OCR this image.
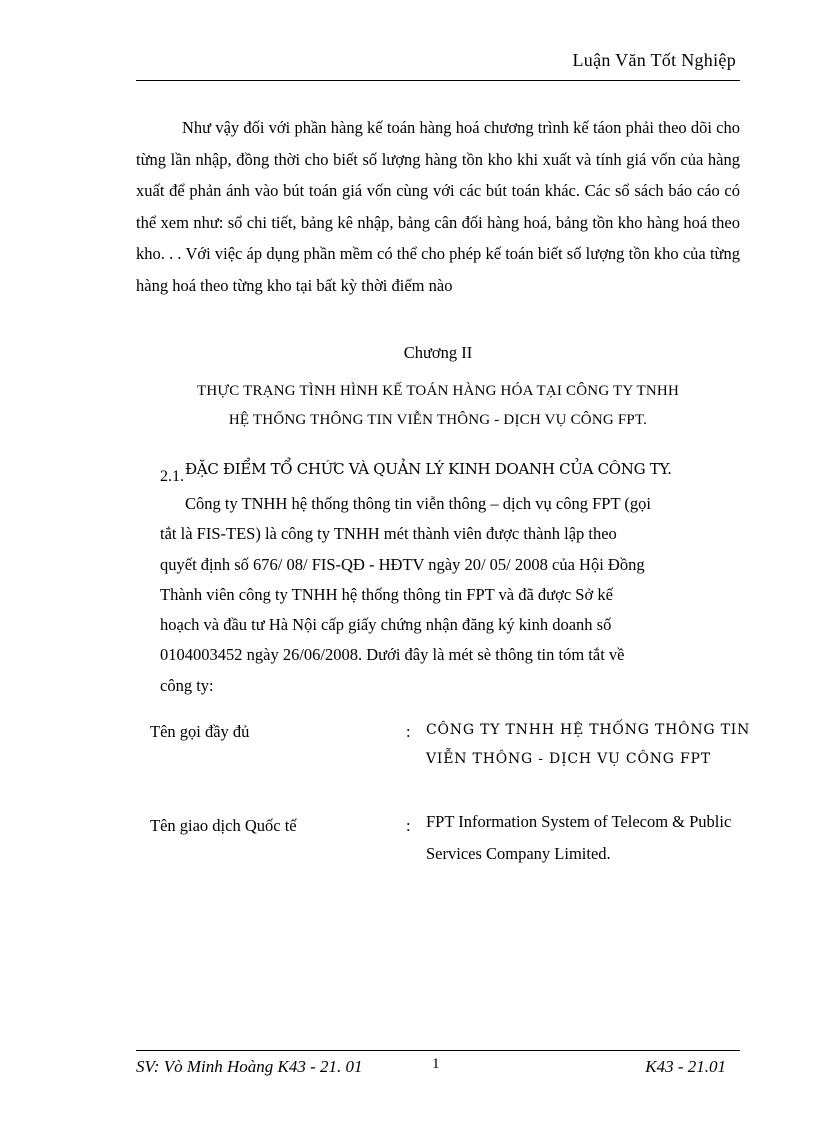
Luận Văn Tốt Nghiệp

Như vậy đối với phần hàng kế toán hàng hoá chương trình kế táon phải theo dõi cho từng lần nhập, đồng thời cho biết số lượng hàng tồn kho khi xuất và tính giá vốn của hàng xuất để phản ánh vào bút toán giá vốn cùng với các bút toán khác. Các sổ sách báo cáo có thể xem như: sổ chi tiết, bảng kê nhập, bảng cân đối hàng hoá, bảng tồn kho hàng hoá theo kho. . . Với việc áp dụng phần mềm có thể cho phép kế toán biết số lượng tồn kho của từng hàng hoá theo từng kho tại bất kỳ thời điểm nào

Chương II
THỰC TRẠNG TÌNH HÌNH KẾ TOÁN HÀNG HÓA TẠI CÔNG TY TNHH
HỆ THỐNG THÔNG TIN VIỄN THÔNG - DỊCH VỤ CÔNG FPT.
2.1. ĐẶC ĐIỂM TỔ CHỨC VÀ QUẢN LÝ KINH DOANH CỦA CÔNG TY.
Công ty TNHH hệ thống thông tin viễn thông – dịch vụ công FPT (gọi
tắt là FIS-TES) là công ty TNHH mét thành viên được thành lập theo
quyết định số 676/ 08/ FIS-QĐ - HĐTV ngày 20/ 05/ 2008 của Hội Đồng
Thành viên công ty TNHH hệ thống thông tin FPT và đã được Sở kế
hoạch và đầu tư Hà Nội cấp giấy chứng nhận đăng ký kinh doanh số
0104003452 ngày 26/06/2008. Dưới đây là mét sè thông tin tóm tắt về
công ty:
Tên gọi đầy đủ	: CÔNG TY TNHH HỆ THỐNG THÔNG TIN VIỄN THÔNG - DỊCH VỤ CÔNG FPT
Tên giao dịch Quốc tế	: FPT Information System of Telecom & Public Services Company Limited.
SV: Vò Minh Hoàng K43 - 21. 01	1	K43 - 21.01
